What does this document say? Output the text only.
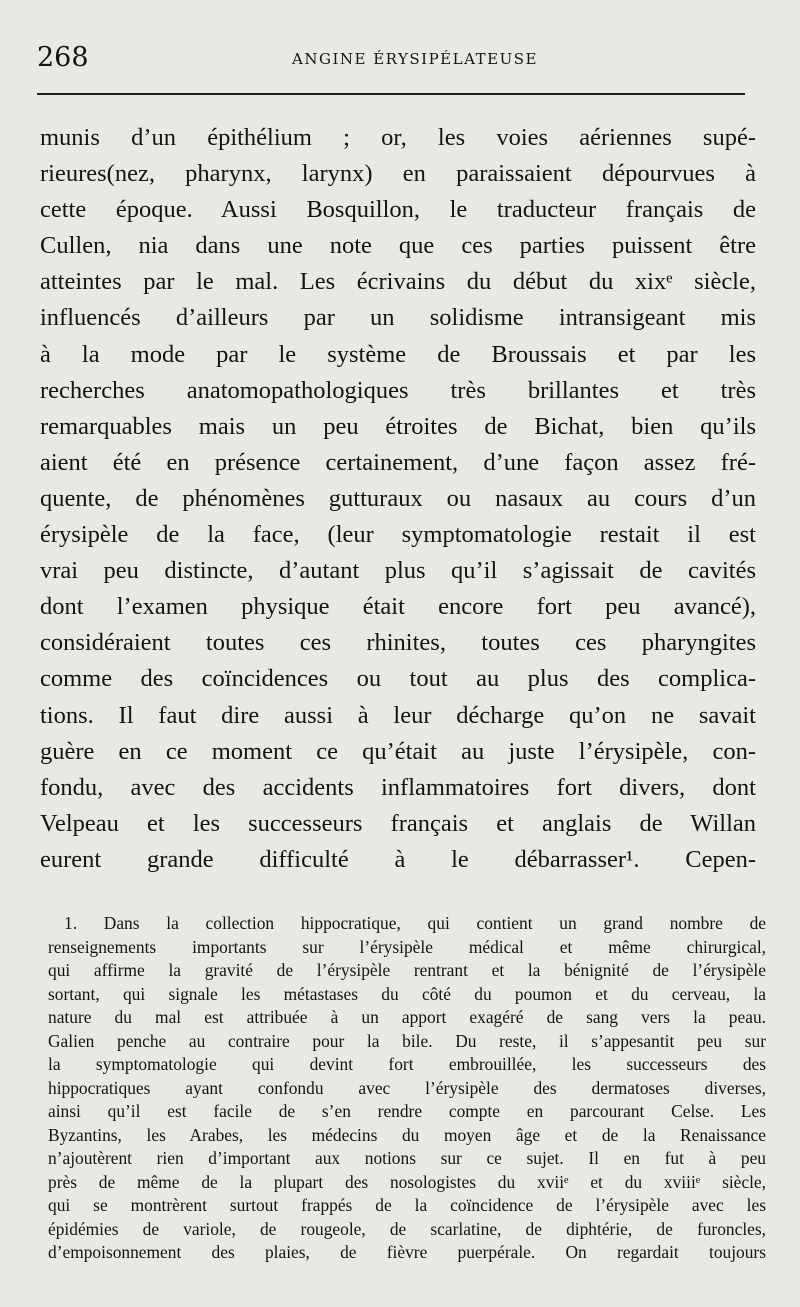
268	ANGINE ÉRYSIPÉLATEUSE
munis d’un épithélium ; or, les voies aériennes supé-
rieures(nez, pharynx, larynx) en paraissaient dépourvues à
cette époque. Aussi Bosquillon, le traducteur français de
Cullen, nia dans une note que ces parties puissent être
atteintes par le mal. Les écrivains du début du xixᵉ siècle,
influencés d’ailleurs par un solidisme intransigeant mis
à la mode par le système de Broussais et par les
recherches anatomopathologiques très brillantes et très
remarquables mais un peu étroites de Bichat, bien qu’ils
aient été en présence certainement, d’une façon assez fré-
quente, de phénomènes gutturaux ou nasaux au cours d’un
érysipèle de la face, (leur symptomatologie restait il est
vrai peu distincte, d’autant plus qu’il s’agissait de cavités
dont l’examen physique était encore fort peu avancé),
considéraient toutes ces rhinites, toutes ces pharyngites
comme des coïncidences ou tout au plus des complica-
tions. Il faut dire aussi à leur décharge qu’on ne savait
guère en ce moment ce qu’était au juste l’érysipèle, con-
fondu, avec des accidents inflammatoires fort divers, dont
Velpeau et les successeurs français et anglais de Willan
eurent grande difficulté à le débarrasser¹. Cepen-
1. Dans la collection hippocratique, qui contient un grand nombre de
renseignements importants sur l’érysipèle médical et même chirurgical,
qui affirme la gravité de l’érysipèle rentrant et la bénignité de l’érysipèle
sortant, qui signale les métastases du côté du poumon et du cerveau, la
nature du mal est attribuée à un apport exagéré de sang vers la peau.
Galien penche au contraire pour la bile. Du reste, il s’appesantit peu sur
la symptomatologie qui devint fort embrouillée, les successeurs des
hippocratiques ayant confondu avec l’érysipèle des dermatoses diverses,
ainsi qu’il est facile de s’en rendre compte en parcourant Celse. Les
Byzantins, les Arabes, les médecins du moyen âge et de la Renaissance
n’ajoutèrent rien d’important aux notions sur ce sujet. Il en fut à peu
près de même de la plupart des nosologistes du xviiᵉ et du xviiiᵉ siècle,
qui se montrèrent surtout frappés de la coïncidence de l’érysipèle avec les
épidémies de variole, de rougeole, de scarlatine, de diphtérie, de furoncles,
d’empoisonnement des plaies, de fièvre puerpérale. On regardait toujours
